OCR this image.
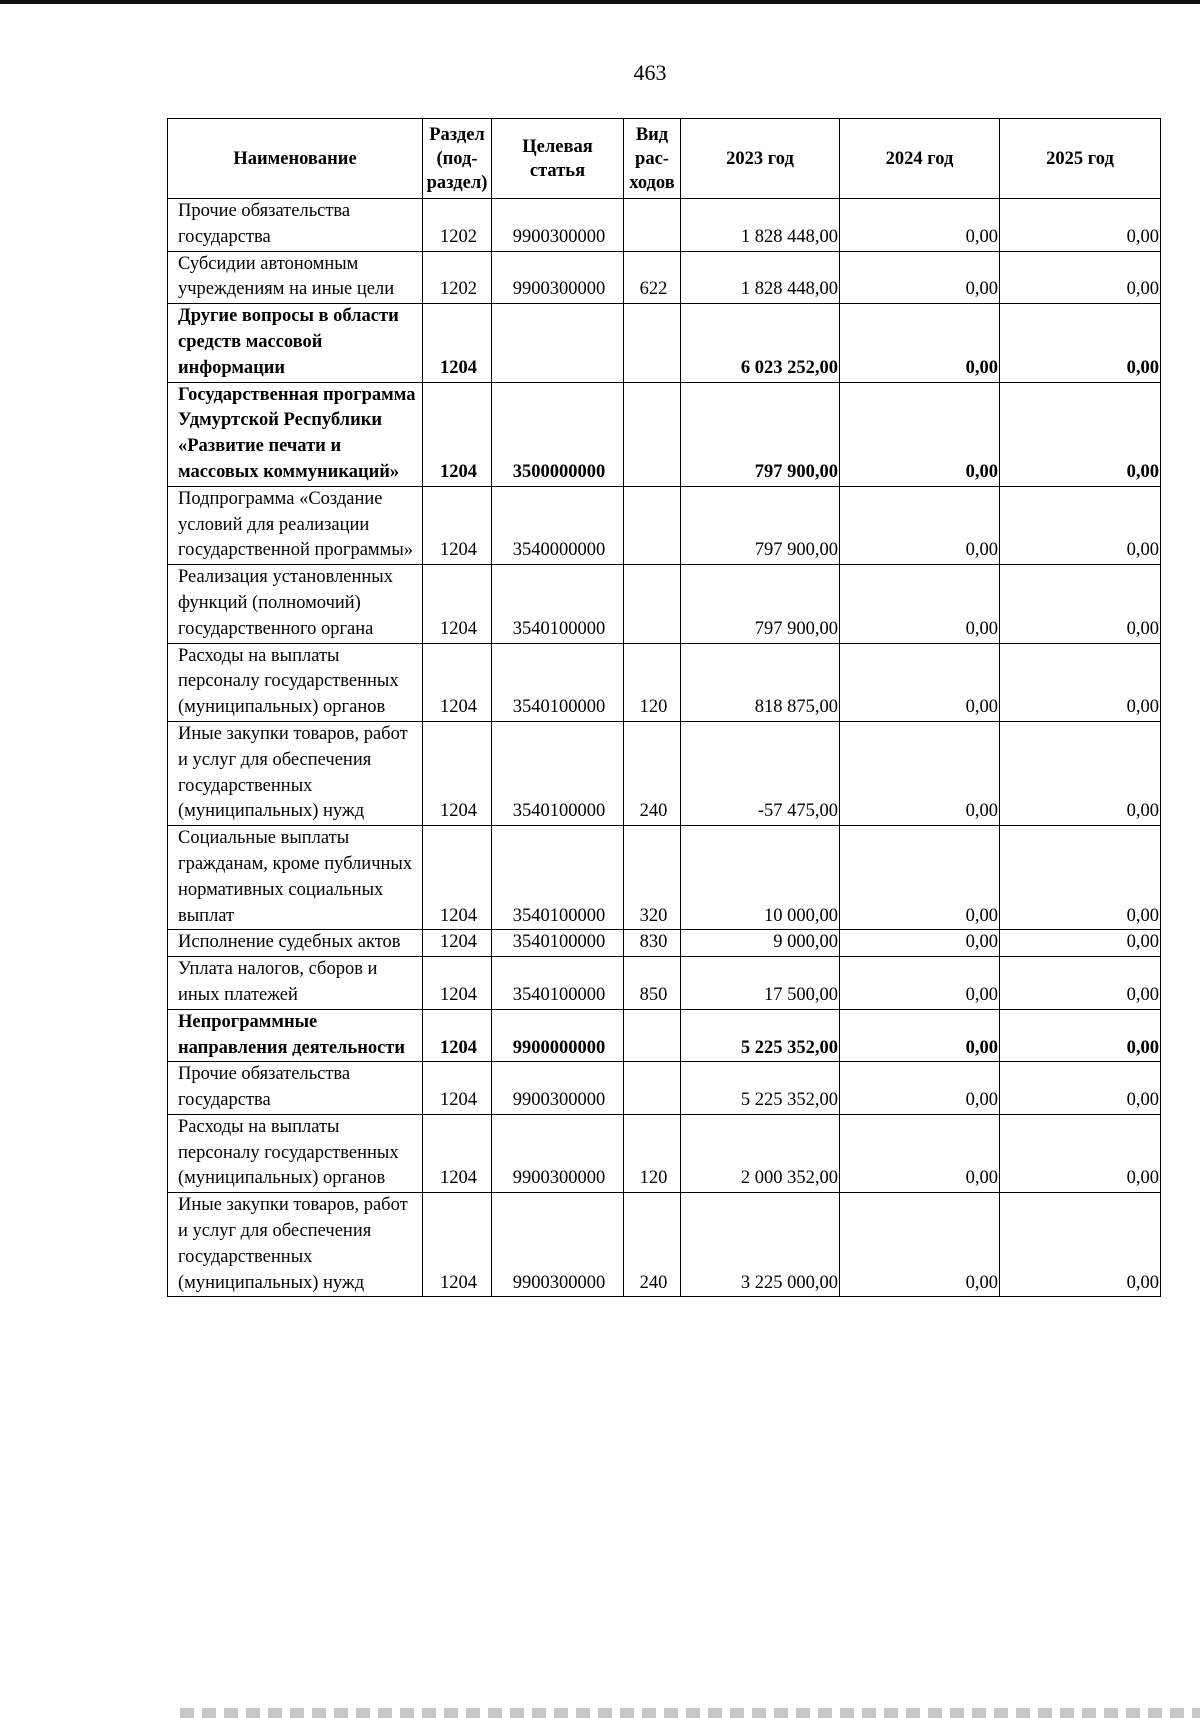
463
Наименование	Раздел (под-раздел)	Целевая статья	Вид рас-ходов	2023 год	2024 год	2025 год
Прочие обязательства государства	1202	9900300000		1 828 448,00	0,00	0,00
Субсидии автономным учреждениям на иные цели	1202	9900300000	622	1 828 448,00	0,00	0,00
Другие вопросы в области средств массовой информации	1204			6 023 252,00	0,00	0,00
Государственная программа Удмуртской Республики «Развитие печати и массовых коммуникаций»	1204	3500000000		797 900,00	0,00	0,00
Подпрограмма «Создание условий для реализации государственной программы»	1204	3540000000		797 900,00	0,00	0,00
Реализация установленных функций (полномочий) государственного органа	1204	3540100000		797 900,00	0,00	0,00
Расходы на выплаты персоналу государственных (муниципальных) органов	1204	3540100000	120	818 875,00	0,00	0,00
Иные закупки товаров, работ и услуг для обеспечения государственных (муниципальных) нужд	1204	3540100000	240	-57 475,00	0,00	0,00
Социальные выплаты гражданам, кроме публичных нормативных социальных выплат	1204	3540100000	320	10 000,00	0,00	0,00
Исполнение судебных актов	1204	3540100000	830	9 000,00	0,00	0,00
Уплата налогов, сборов и иных платежей	1204	3540100000	850	17 500,00	0,00	0,00
Непрограммные направления деятельности	1204	9900000000		5 225 352,00	0,00	0,00
Прочие обязательства государства	1204	9900300000		5 225 352,00	0,00	0,00
Расходы на выплаты персоналу государственных (муниципальных) органов	1204	9900300000	120	2 000 352,00	0,00	0,00
Иные закупки товаров, работ и услуг для обеспечения государственных (муниципальных) нужд	1204	9900300000	240	3 225 000,00	0,00	0,00
